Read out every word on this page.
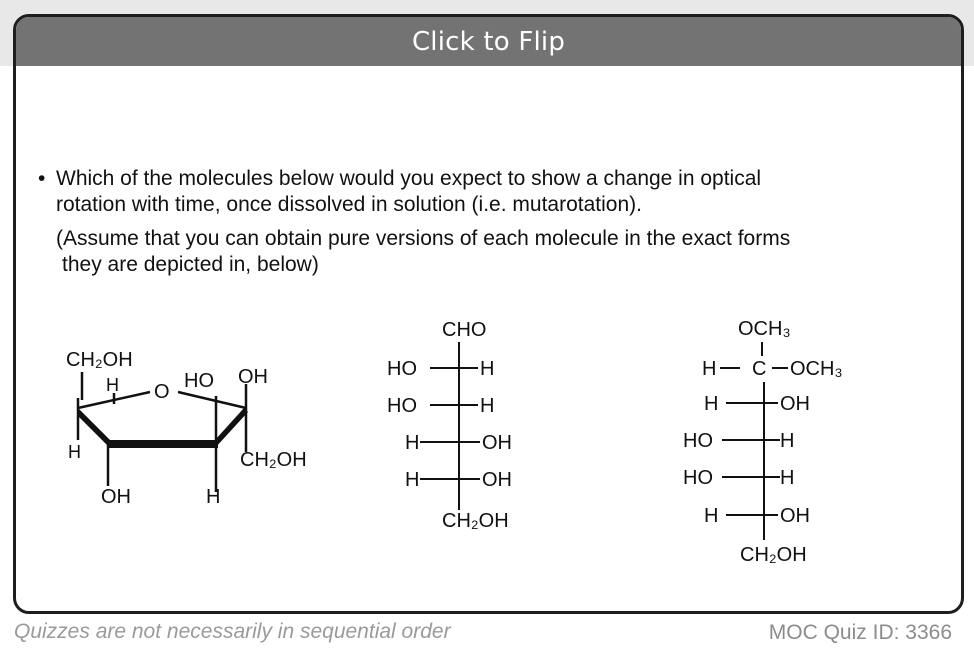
Click to Flip
• Which of the molecules below would you expect to show a change in optical
rotation with time, once dissolved in solution (i.e. mutarotation).
(Assume that you can obtain pure versions of each molecule in the exact forms
they are depicted in, below)
CH₂OH
H O HO OH
H	CH₂OH
OH	H
CHO
HO	H
HO	H
H	OH
H	OH
CH₂OH
OCH₃
H C OCH₃
H	OH
HO	H
HO	H
H	OH
CH₂OH
Quizzes are not necessarily in sequential order	MOC Quiz ID: 3366
